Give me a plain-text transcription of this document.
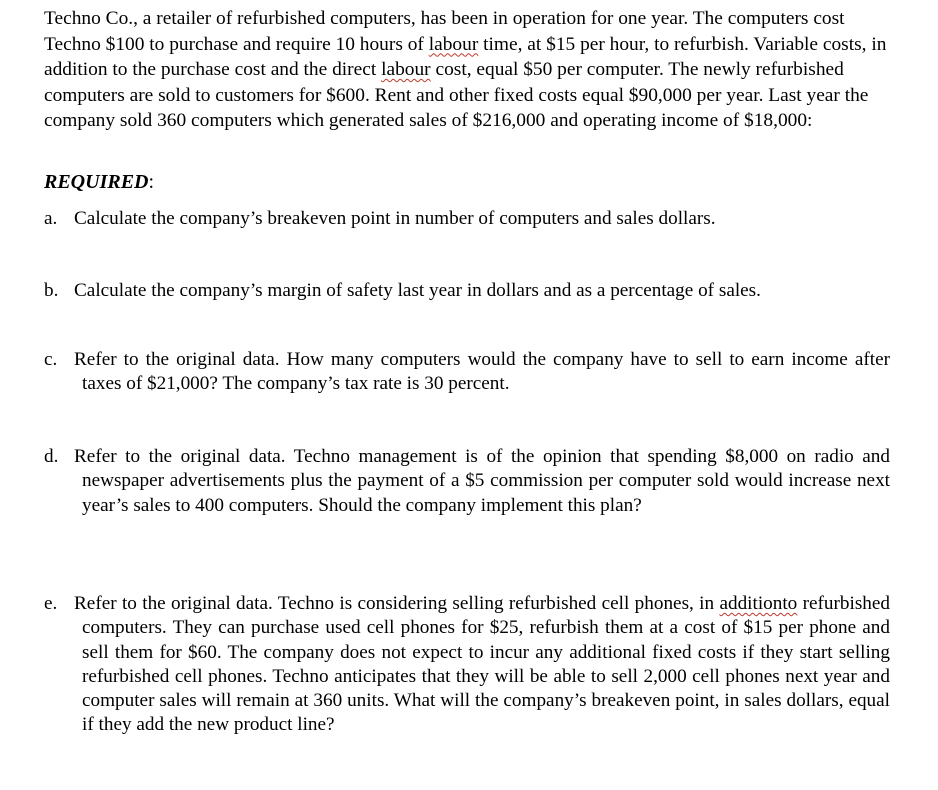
Techno Co., a retailer of refurbished computers, has been in operation for one year. The computers cost Techno $100 to purchase and require 10 hours of labour time, at $15 per hour, to refurbish. Variable costs, in addition to the purchase cost and the direct labour cost, equal $50 per computer. The newly refurbished computers are sold to customers for $600. Rent and other fixed costs equal $90,000 per year. Last year the company sold 360 computers which generated sales of $216,000 and operating income of $18,000:

REQUIRED:

a. Calculate the company’s breakeven point in number of computers and sales dollars.

b. Calculate the company’s margin of safety last year in dollars and as a percentage of sales.

c. Refer to the original data. How many computers would the company have to sell to earn income after taxes of $21,000? The company’s tax rate is 30 percent.

d. Refer to the original data. Techno management is of the opinion that spending $8,000 on radio and newspaper advertisements plus the payment of a $5 commission per computer sold would increase next year’s sales to 400 computers. Should the company implement this plan?

e. Refer to the original data. Techno is considering selling refurbished cell phones, in additionto refurbished computers. They can purchase used cell phones for $25, refurbish them at a cost of $15 per phone and sell them for $60. The company does not expect to incur any additional fixed costs if they start selling refurbished cell phones. Techno anticipates that they will be able to sell 2,000 cell phones next year and computer sales will remain at 360 units. What will the company’s breakeven point, in sales dollars, equal if they add the new product line?
